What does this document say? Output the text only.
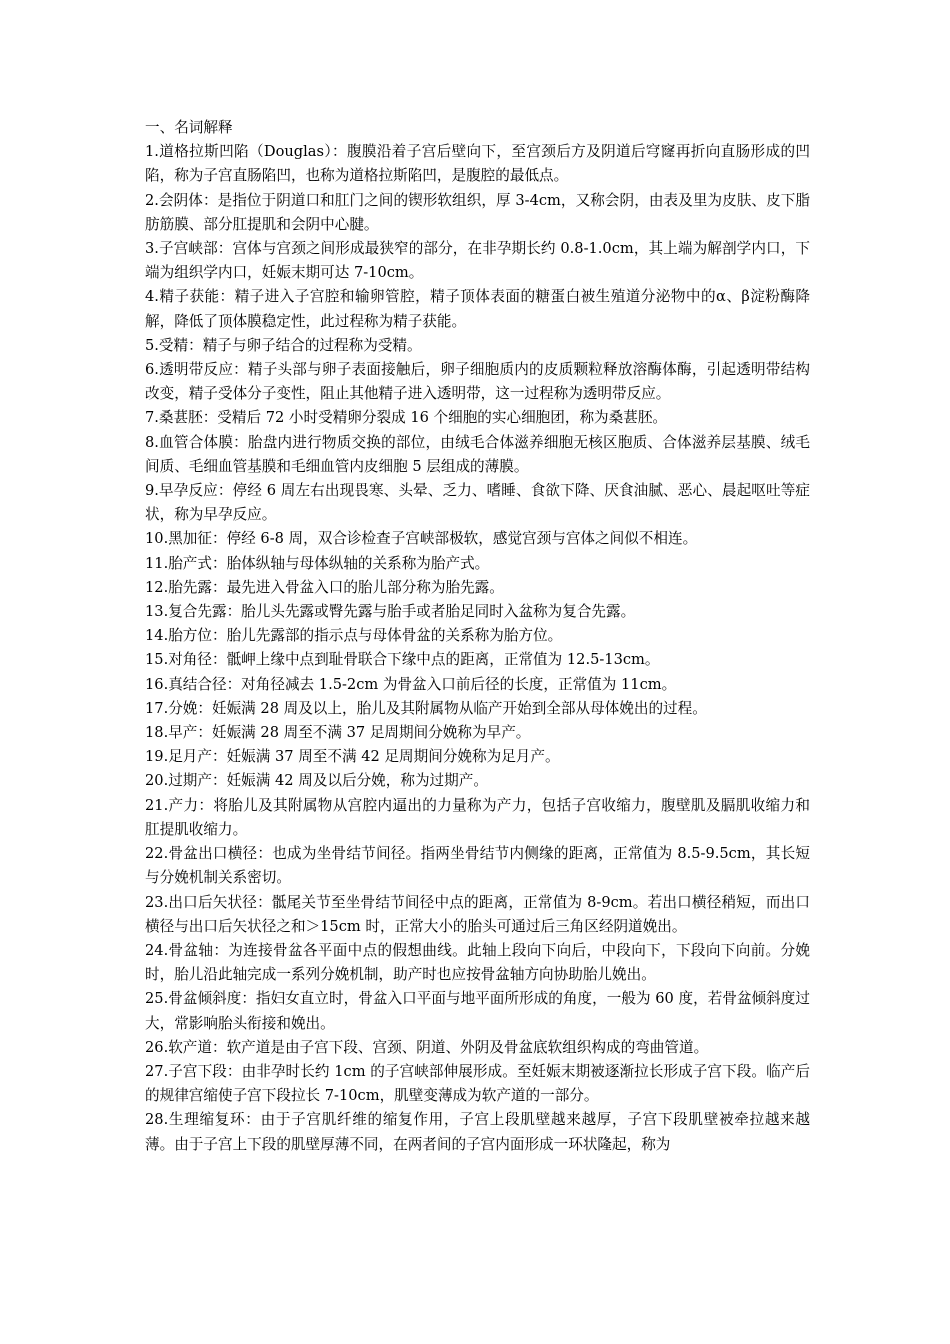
一、名词解释

1.道格拉斯凹陷（Douglas）：腹膜沿着子宫后壁向下，至宫颈后方及阴道后穹窿再折向直肠形成的凹陷，称为子宫直肠陷凹，也称为道格拉斯陷凹，是腹腔的最低点。

2.会阴体：是指位于阴道口和肛门之间的锲形软组织，厚 3-4cm，又称会阴，由表及里为皮肤、皮下脂肪筋膜、部分肛提肌和会阴中心腱。

3.子宫峡部：宫体与宫颈之间形成最狭窄的部分，在非孕期长约 0.8-1.0cm，其上端为解剖学内口，下端为组织学内口，妊娠末期可达 7-10cm。

4.精子获能：精子进入子宫腔和输卵管腔，精子顶体表面的糖蛋白被生殖道分泌物中的α、β淀粉酶降解，降低了顶体膜稳定性，此过程称为精子获能。

5.受精：精子与卵子结合的过程称为受精。

6.透明带反应：精子头部与卵子表面接触后，卵子细胞质内的皮质颗粒释放溶酶体酶，引起透明带结构改变，精子受体分子变性，阻止其他精子进入透明带，这一过程称为透明带反应。

7.桑葚胚：受精后 72 小时受精卵分裂成 16 个细胞的实心细胞团，称为桑葚胚。

8.血管合体膜：胎盘内进行物质交换的部位，由绒毛合体滋养细胞无核区胞质、合体滋养层基膜、绒毛间质、毛细血管基膜和毛细血管内皮细胞 5 层组成的薄膜。

9.早孕反应：停经 6 周左右出现畏寒、头晕、乏力、嗜睡、食欲下降、厌食油腻、恶心、晨起呕吐等症状，称为早孕反应。

10.黑加征：停经 6-8 周，双合诊检查子宫峡部极软，感觉宫颈与宫体之间似不相连。

11.胎产式：胎体纵轴与母体纵轴的关系称为胎产式。

12.胎先露：最先进入骨盆入口的胎儿部分称为胎先露。

13.复合先露：胎儿头先露或臀先露与胎手或者胎足同时入盆称为复合先露。

14.胎方位：胎儿先露部的指示点与母体骨盆的关系称为胎方位。

15.对角径：骶岬上缘中点到耻骨联合下缘中点的距离，正常值为 12.5-13cm。

16.真结合径：对角径减去 1.5-2cm 为骨盆入口前后径的长度，正常值为 11cm。

17.分娩：妊娠满 28 周及以上，胎儿及其附属物从临产开始到全部从母体娩出的过程。

18.早产：妊娠满 28 周至不满 37 足周期间分娩称为早产。

19.足月产：妊娠满 37 周至不满 42 足周期间分娩称为足月产。

20.过期产：妊娠满 42 周及以后分娩，称为过期产。

21.产力：将胎儿及其附属物从宫腔内逼出的力量称为产力，包括子宫收缩力，腹壁肌及膈肌收缩力和肛提肌收缩力。

22.骨盆出口横径：也成为坐骨结节间径。指两坐骨结节内侧缘的距离，正常值为 8.5-9.5cm，其长短与分娩机制关系密切。

23.出口后矢状径：骶尾关节至坐骨结节间径中点的距离，正常值为 8-9cm。若出口横径稍短，而出口横径与出口后矢状径之和＞15cm 时，正常大小的胎头可通过后三角区经阴道娩出。

24.骨盆轴：为连接骨盆各平面中点的假想曲线。此轴上段向下向后，中段向下，下段向下向前。分娩时，胎儿沿此轴完成一系列分娩机制，助产时也应按骨盆轴方向协助胎儿娩出。

25.骨盆倾斜度：指妇女直立时，骨盆入口平面与地平面所形成的角度，一般为 60 度，若骨盆倾斜度过大，常影响胎头衔接和娩出。

26.软产道：软产道是由子宫下段、宫颈、阴道、外阴及骨盆底软组织构成的弯曲管道。

27.子宫下段：由非孕时长约 1cm 的子宫峡部伸展形成。至妊娠末期被逐渐拉长形成子宫下段。临产后的规律宫缩使子宫下段拉长 7-10cm，肌壁变薄成为软产道的一部分。

28.生理缩复环：由于子宫肌纤维的缩复作用，子宫上段肌壁越来越厚，子宫下段肌壁被牵拉越来越薄。由于子宫上下段的肌壁厚薄不同，在两者间的子宫内面形成一环状隆起，称为
